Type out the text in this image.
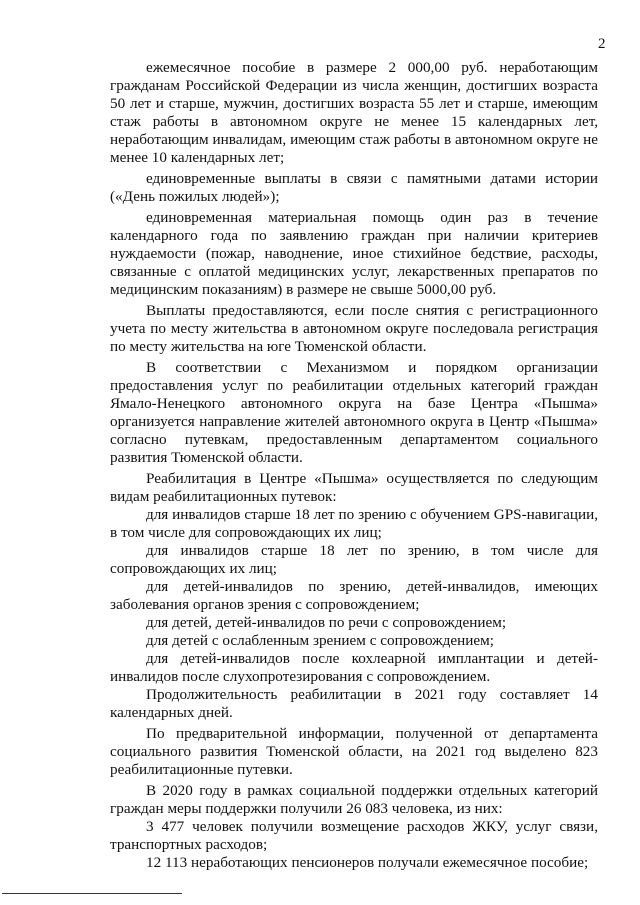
2

ежемесячное пособие в размере 2 000,00 руб. неработающим гражданам Российской Федерации из числа женщин, достигших возраста 50 лет и старше, мужчин, достигших возраста 55 лет и старше, имеющим стаж работы в автономном округе не менее 15 календарных лет, неработающим инвалидам, имеющим стаж работы в автономном округе не менее 10 календарных лет;

единовременные выплаты в связи с памятными датами истории («День пожилых людей»);

единовременная материальная помощь один раз в течение календарного года по заявлению граждан при наличии критериев нуждаемости (пожар, наводнение, иное стихийное бедствие, расходы, связанные с оплатой медицинских услуг, лекарственных препаратов по медицинским показаниям) в размере не свыше 5000,00 руб.

Выплаты предоставляются, если после снятия с регистрационного учета по месту жительства в автономном округе последовала регистрация по месту жительства на юге Тюменской области.

В соответствии с Механизмом и порядком организации предоставления услуг по реабилитации отдельных категорий граждан Ямало-Ненецкого автономного округа на базе Центра «Пышма» организуется направление жителей автономного округа в Центр «Пышма» согласно путевкам, предоставленным департаментом социального развития Тюменской области.

Реабилитация в Центре «Пышма» осуществляется по следующим видам реабилитационных путевок:

для инвалидов старше 18 лет по зрению с обучением GPS-навигации, в том числе для сопровождающих их лиц;

для инвалидов старше 18 лет по зрению, в том числе для сопровождающих их лиц;

для детей-инвалидов по зрению, детей-инвалидов, имеющих заболевания органов зрения с сопровождением;

для детей, детей-инвалидов по речи с сопровождением;

для детей с ослабленным зрением с сопровождением;

для детей-инвалидов после кохлеарной имплантации и детей-инвалидов после слухопротезирования с сопровождением.

Продолжительность реабилитации в 2021 году составляет 14 календарных дней.

По предварительной информации, полученной от департамента социального развития Тюменской области, на 2021 год выделено 823 реабилитационные путевки.

В 2020 году в рамках социальной поддержки отдельных категорий граждан меры поддержки получили 26 083 человека, из них:

3 477 человек получили возмещение расходов ЖКУ, услуг связи, транспортных расходов;

12 113 неработающих пенсионеров получали ежемесячное пособие;
